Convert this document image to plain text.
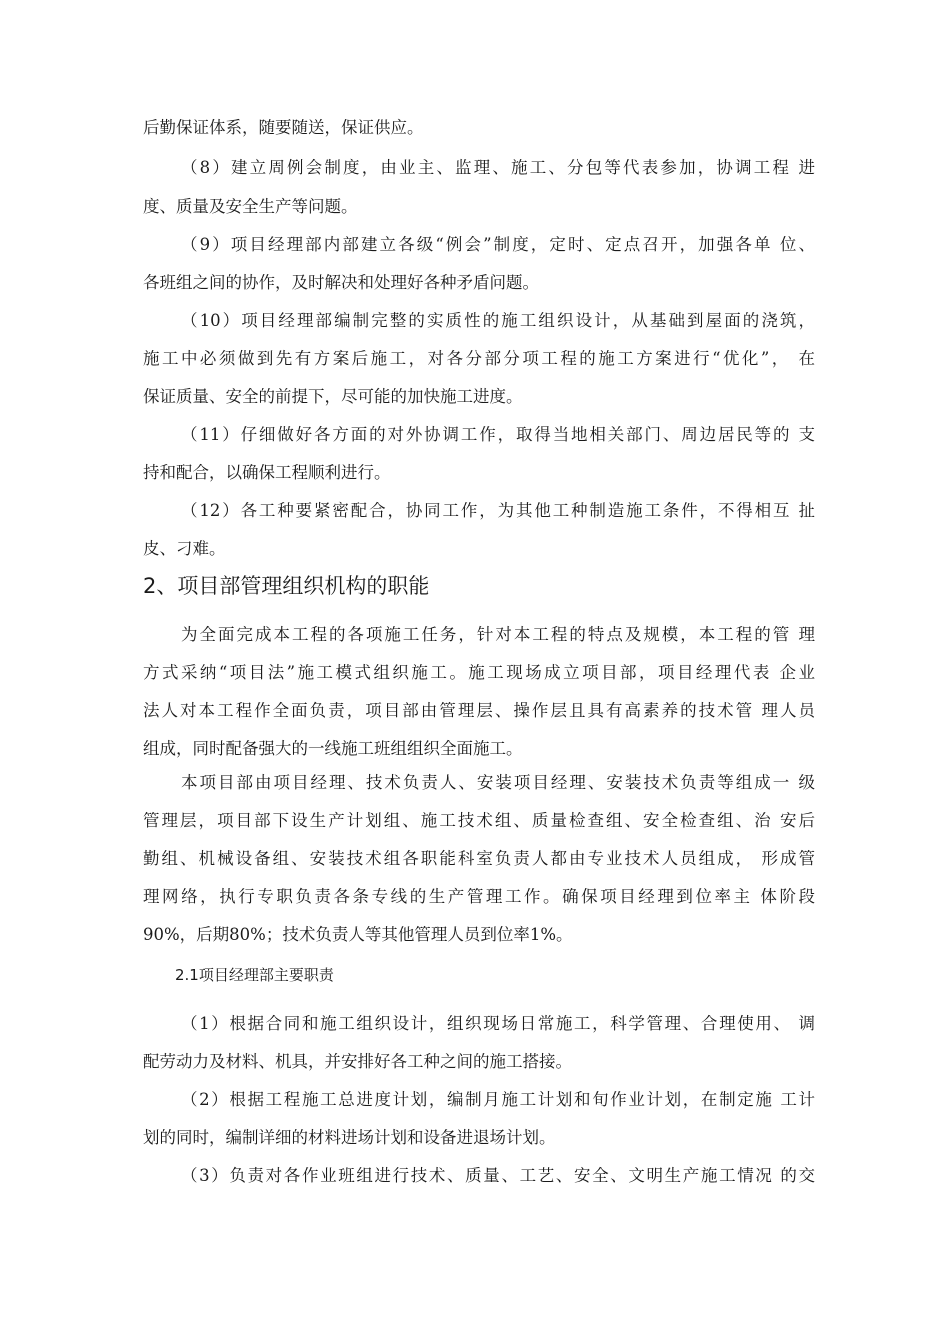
后勤保证体系，随要随送，保证供应。
（8）建立周例会制度，由业主、监理、施工、分包等代表参加，协调工程 进
度、质量及安全生产等问题。
（9）项目经理部内部建立各级“例会”制度，定时、定点召开，加强各单 位、
各班组之间的协作，及时解决和处理好各种矛盾问题。
（10）项目经理部编制完整的实质性的施工组织设计，从基础到屋面的浇筑，
施工中必须做到先有方案后施工，对各分部分项工程的施工方案进行“优化”， 在
保证质量、安全的前提下，尽可能的加快施工进度。
（11）仔细做好各方面的对外协调工作，取得当地相关部门、周边居民等的 支
持和配合，以确保工程顺利进行。
（12）各工种要紧密配合，协同工作，为其他工种制造施工条件，不得相互 扯
皮、刁难。
2、项目部管理组织机构的职能
为全面完成本工程的各项施工任务，针对本工程的特点及规模，本工程的管 理
方式采纳“项目法”施工模式组织施工。施工现场成立项目部，项目经理代表 企业
法人对本工程作全面负责，项目部由管理层、操作层且具有高素养的技术管 理人员
组成，同时配备强大的一线施工班组组织全面施工。
本项目部由项目经理、技术负责人、安装项目经理、安装技术负责等组成一 级
管理层，项目部下设生产计划组、施工技术组、质量检查组、安全检查组、治 安后
勤组、机械设备组、安装技术组各职能科室负责人都由专业技术人员组成， 形成管
理网络，执行专职负责各条专线的生产管理工作。确保项目经理到位率主 体阶段
90%，后期80%；技术负责人等其他管理人员到位率1%。
2.1项目经理部主要职责
（1）根据合同和施工组织设计，组织现场日常施工，科学管理、合理使用、 调
配劳动力及材料、机具，并安排好各工种之间的施工搭接。
（2）根据工程施工总进度计划，编制月施工计划和旬作业计划，在制定施 工计
划的同时，编制详细的材料进场计划和设备进退场计划。
（3）负责对各作业班组进行技术、质量、工艺、安全、文明生产施工情况 的交
